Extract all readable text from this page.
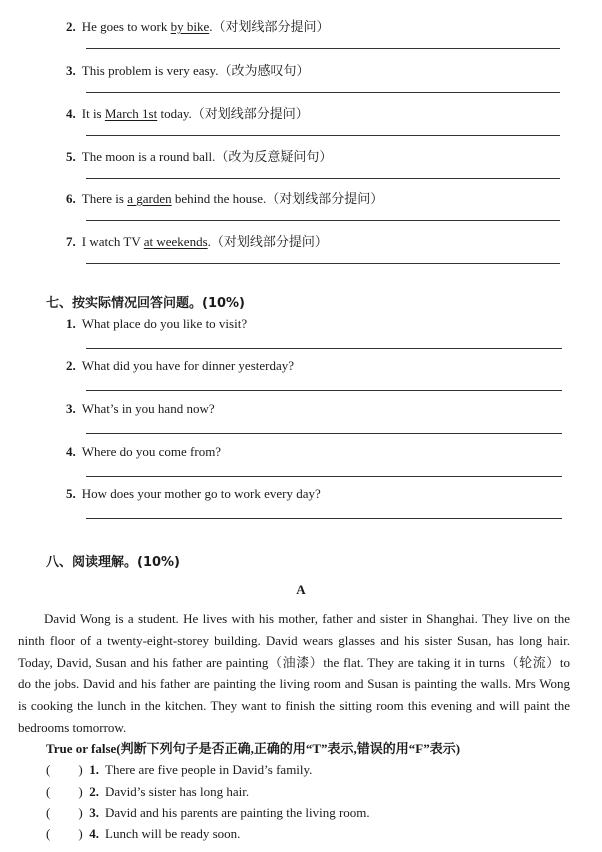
2. He goes to work by bike.（对划线部分提问）
3. This problem is very easy.（改为感叹句）
4. It is March 1st today.（对划线部分提问）
5. The moon is a round ball.（改为反意疑问句）
6. There is a garden behind the house.（对划线部分提问）
7. I watch TV at weekends.（对划线部分提问）
七、按实际情况回答问题。(10%)
1. What place do you like to visit?
2. What did you have for dinner yesterday?
3. What’s in you hand now?
4. Where do you come from?
5. How does your mother go to work every day?
八、阅读理解。(10%)
A
David Wong is a student. He lives with his mother, father and sister in Shanghai. They live on the ninth floor of a twenty-eight-storey building. David wears glasses and his sister Susan, has long hair. Today, David, Susan and his father are painting（油漆）the flat. They are taking it in turns（轮流）to do the jobs. David and his father are painting the living room and Susan is painting the walls. Mrs Wong is cooking the lunch in the kitchen. They want to finish the sitting room this evening and will paint the bedrooms tomorrow.
True or false(判断下列句子是否正确,正确的用“T”表示,错误的用“F”表示)
( ) 1. There are five people in David’s family.
( ) 2. David’s sister has long hair.
( ) 3. David and his parents are painting the living room.
( ) 4. Lunch will be ready soon.
